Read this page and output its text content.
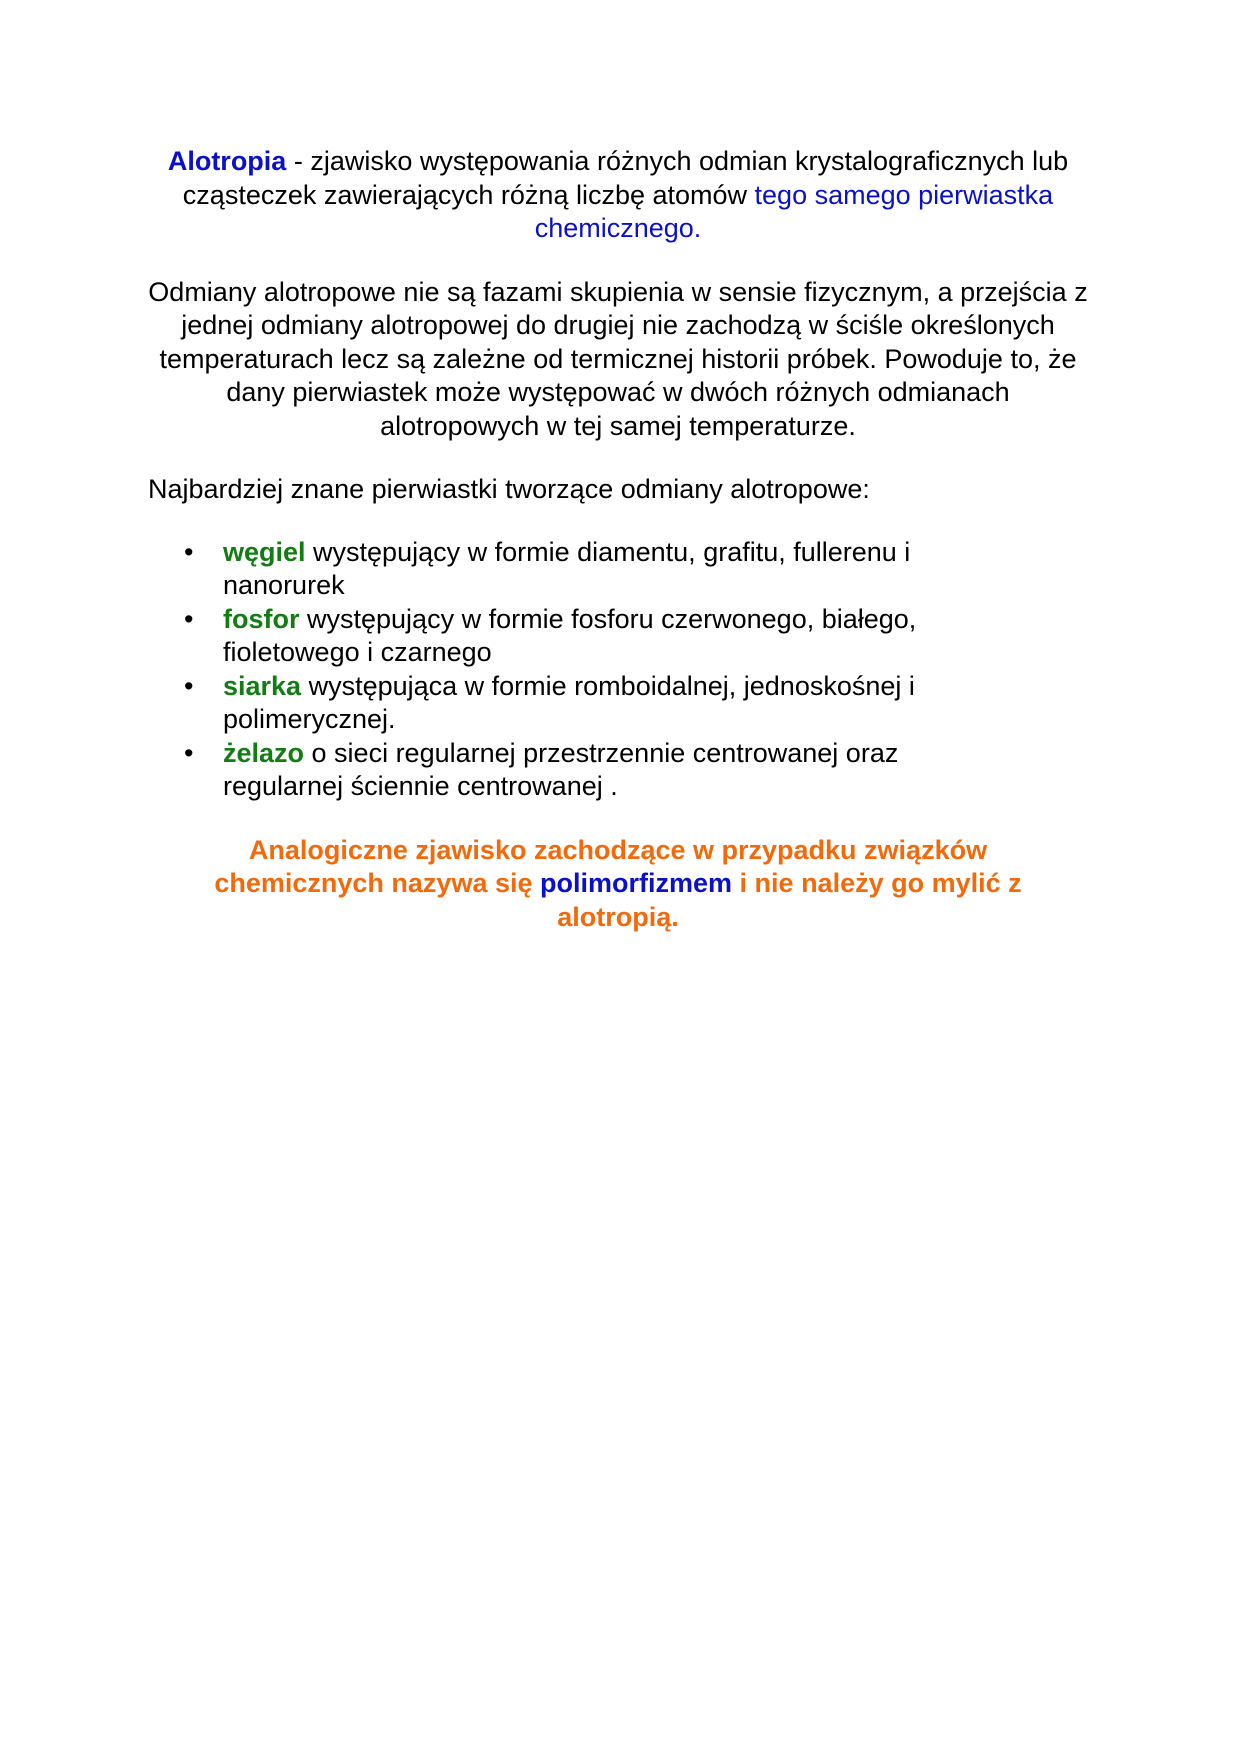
Alotropia - zjawisko występowania różnych odmian krystalograficznych lub cząsteczek zawierających różną liczbę atomów tego samego pierwiastka chemicznego.

Odmiany alotropowe nie są fazami skupienia w sensie fizycznym, a przejścia z jednej odmiany alotropowej do drugiej nie zachodzą w ściśle określonych temperaturach lecz są zależne od termicznej historii próbek. Powoduje to, że dany pierwiastek może występować w dwóch różnych odmianach alotropowych w tej samej temperaturze.

Najbardziej znane pierwiastki tworzące odmiany alotropowe:

• węgiel występujący w formie diamentu, grafitu, fullerenu i nanorurek
• fosfor występujący w formie fosforu czerwonego, białego, fioletowego i czarnego
• siarka występująca w formie romboidalnej, jednoskośnej i polimerycznej.
• żelazo o sieci regularnej przestrzennie centrowanej oraz regularnej ściennie centrowanej .

Analogiczne zjawisko zachodzące w przypadku związków chemicznych nazywa się polimorfizmem i nie należy go mylić z alotropią.
